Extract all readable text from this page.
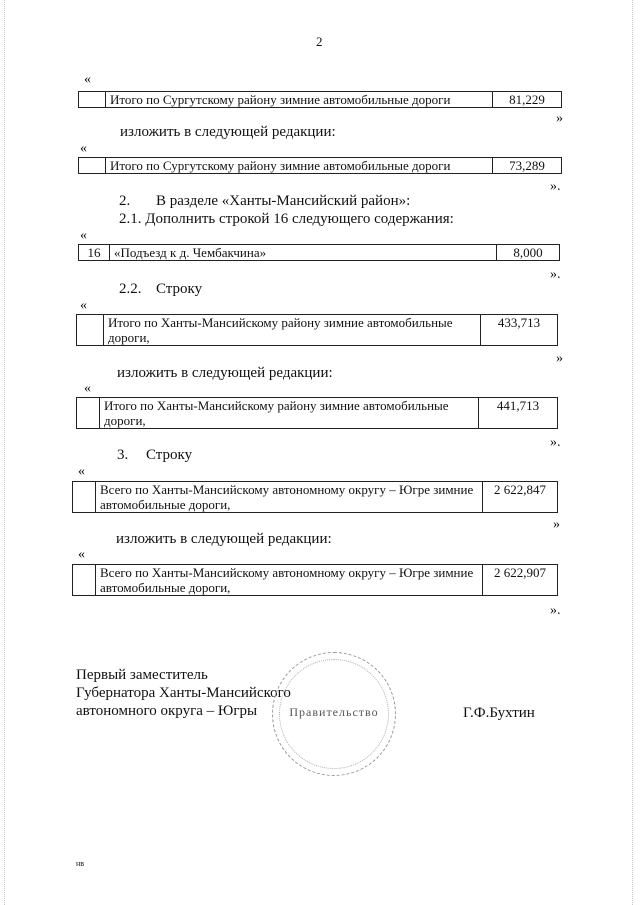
2
«
	Итого по Сургутскому району зимние автомобильные дороги	81,229
»
изложить в следующей редакции:
«
	Итого по Сургутскому району зимние автомобильные дороги	73,289
».
2. В разделе «Ханты-Мансийский район»:
2.1. Дополнить строкой 16 следующего содержания:
«
16	«Подъезд к д. Чембакчина»	8,000
».
2.2. Строку
«
	Итого по Ханты-Мансийскому району зимние автомобильные дороги,	433,713
»
изложить в следующей редакции:
«
	Итого по Ханты-Мансийскому району зимние автомобильные дороги,	441,713
».
3. Строку
«
	Всего по Ханты-Мансийскому автономному округу – Югре зимние автомобильные дороги,	2 622,847
»
изложить в следующей редакции:
«
	Всего по Ханты-Мансийскому автономному округу – Югре зимние автомобильные дороги,	2 622,907
».
Первый заместитель
Губернатора Ханты-Мансийского
автономного округа – Югры	Правительство	Г.Ф.Бухтин
нв
